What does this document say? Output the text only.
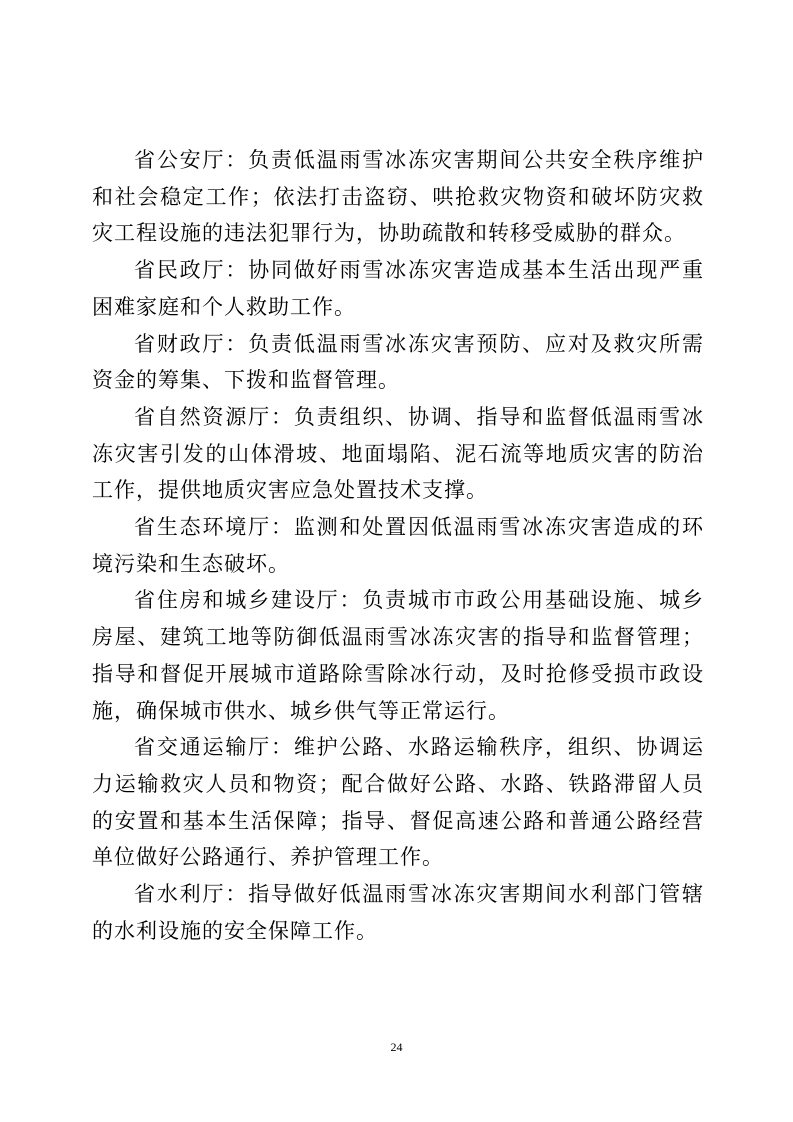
省公安厅：负责低温雨雪冰冻灾害期间公共安全秩序维护和社会稳定工作；依法打击盗窃、哄抢救灾物资和破坏防灾救灾工程设施的违法犯罪行为，协助疏散和转移受威胁的群众。

省民政厅：协同做好雨雪冰冻灾害造成基本生活出现严重困难家庭和个人救助工作。

省财政厅：负责低温雨雪冰冻灾害预防、应对及救灾所需资金的筹集、下拨和监督管理。

省自然资源厅：负责组织、协调、指导和监督低温雨雪冰冻灾害引发的山体滑坡、地面塌陷、泥石流等地质灾害的防治工作，提供地质灾害应急处置技术支撑。

省生态环境厅：监测和处置因低温雨雪冰冻灾害造成的环境污染和生态破坏。

省住房和城乡建设厅：负责城市市政公用基础设施、城乡房屋、建筑工地等防御低温雨雪冰冻灾害的指导和监督管理；指导和督促开展城市道路除雪除冰行动，及时抢修受损市政设施，确保城市供水、城乡供气等正常运行。

省交通运输厅：维护公路、水路运输秩序，组织、协调运力运输救灾人员和物资；配合做好公路、水路、铁路滞留人员的安置和基本生活保障；指导、督促高速公路和普通公路经营单位做好公路通行、养护管理工作。

省水利厅：指导做好低温雨雪冰冻灾害期间水利部门管辖的水利设施的安全保障工作。

24
